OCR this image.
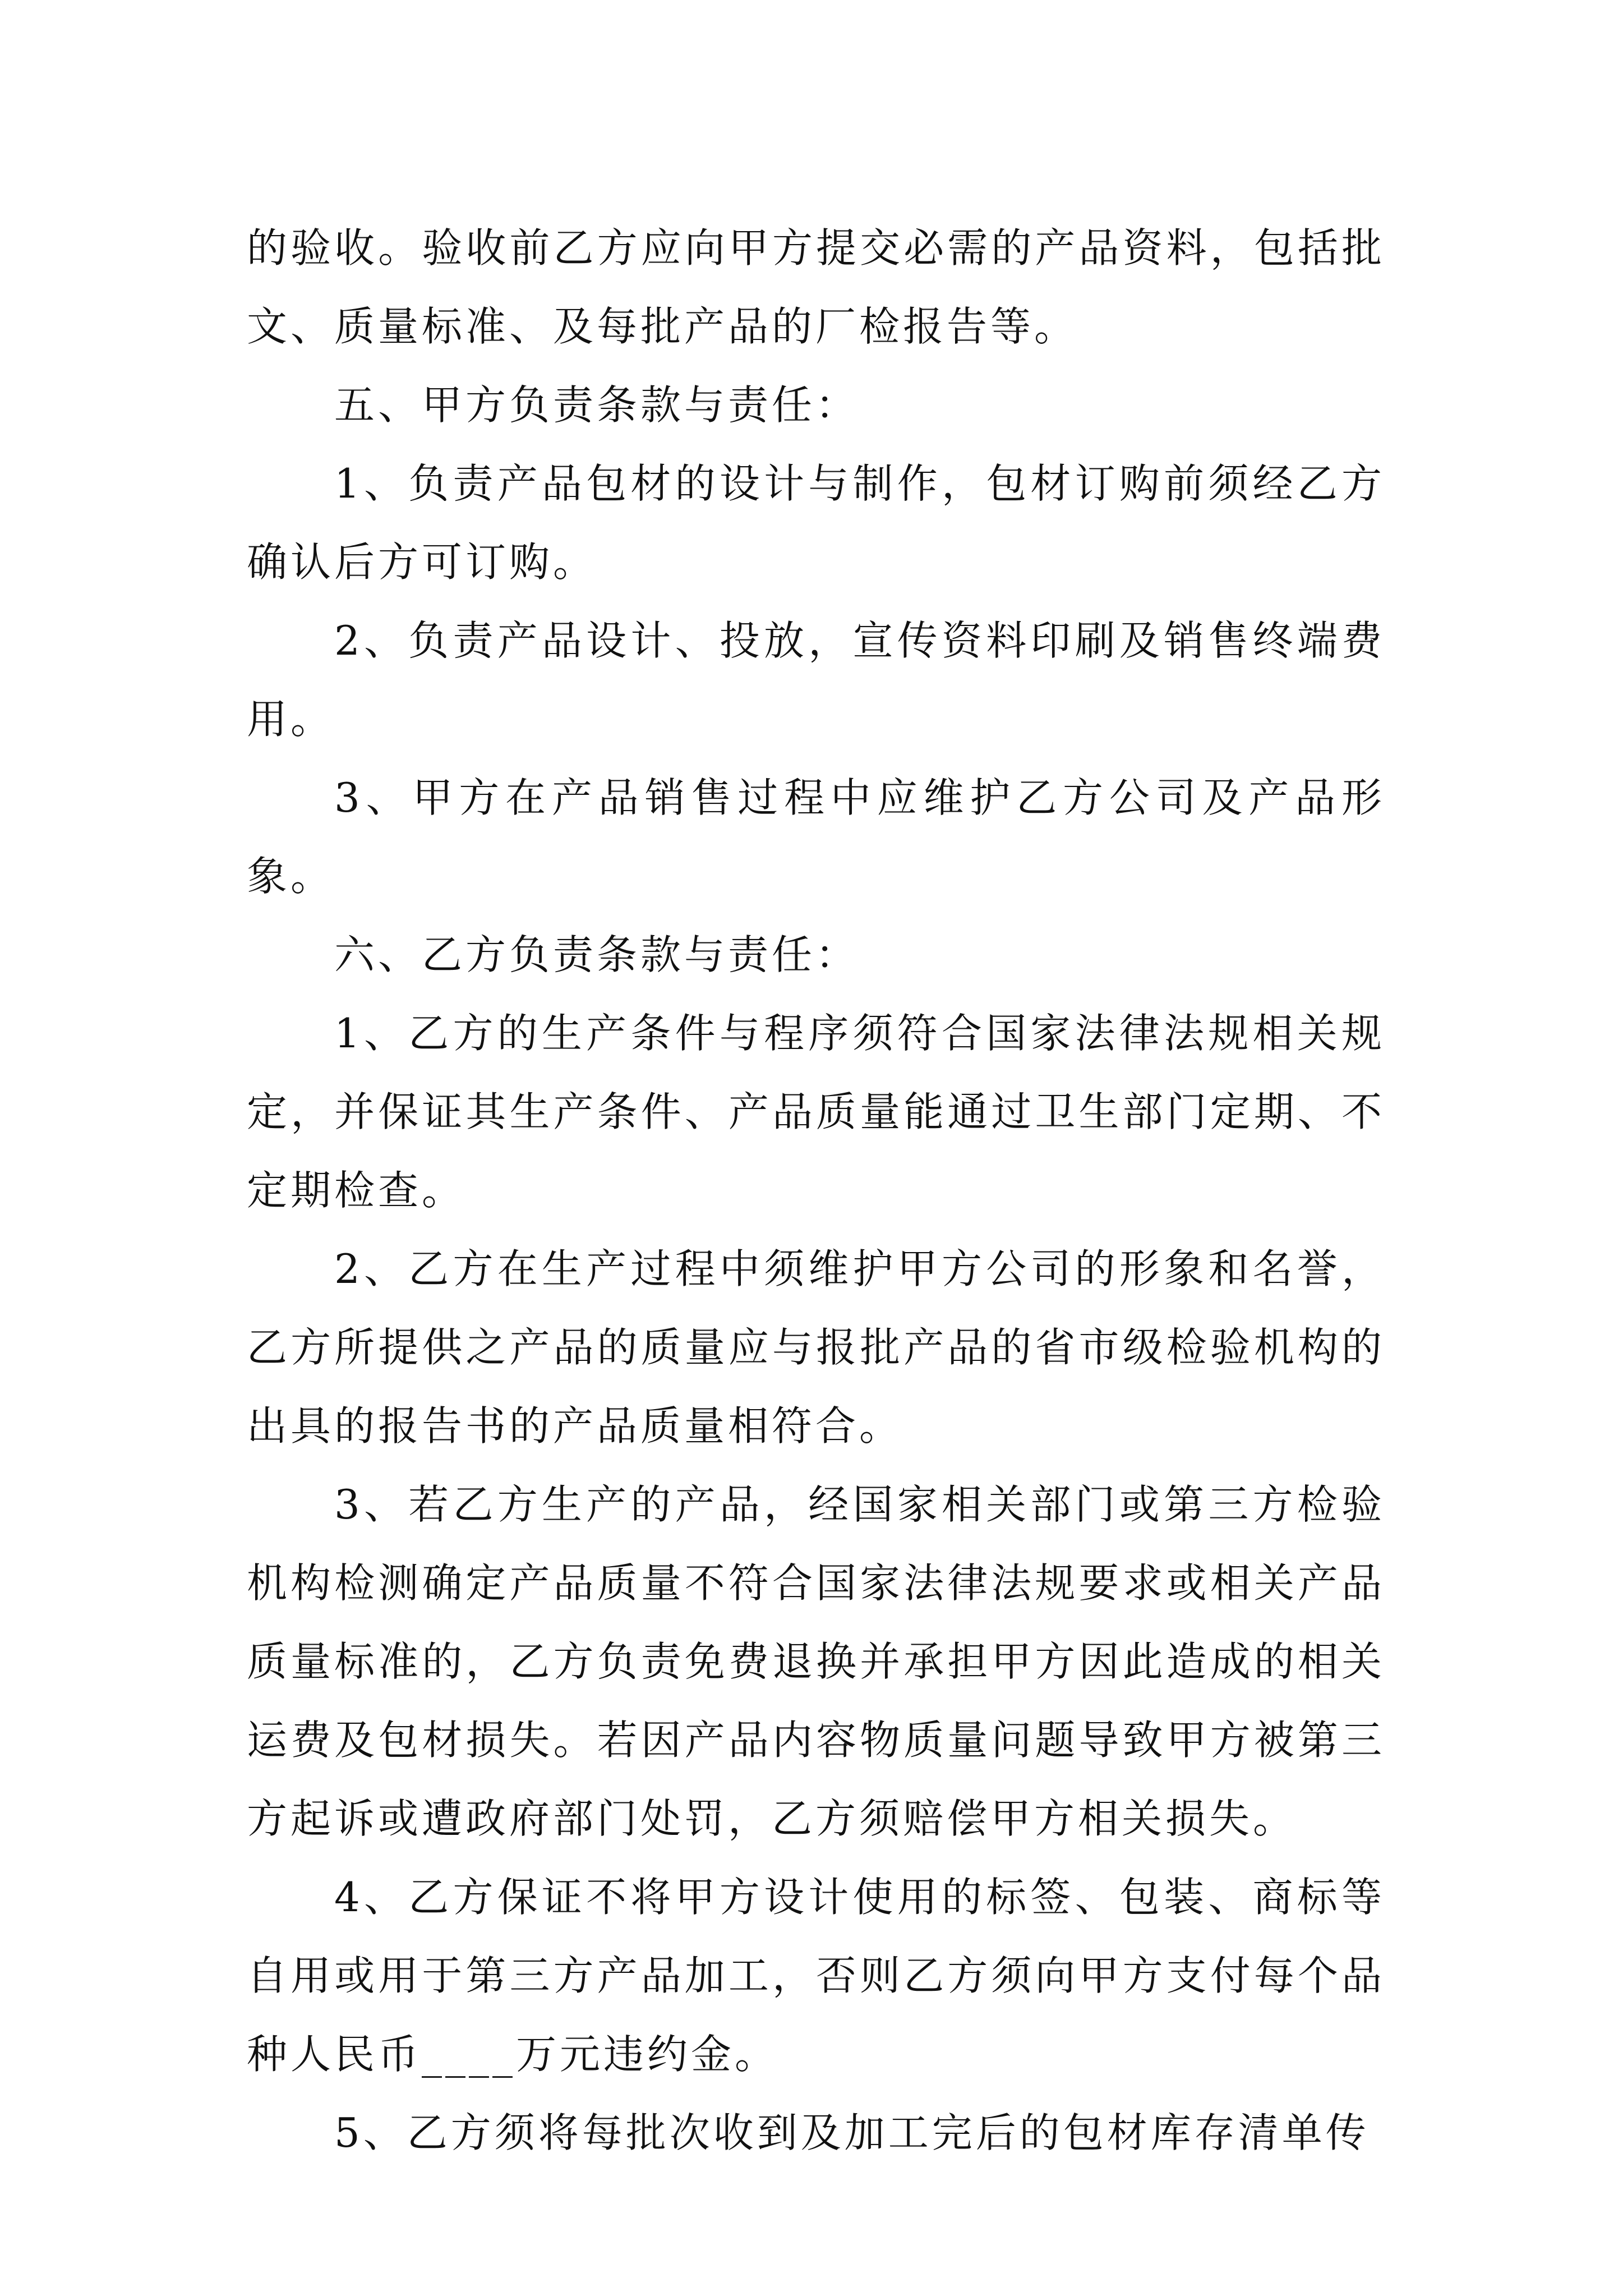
的验收。验收前乙方应向甲方提交必需的产品资料，包括批文、质量标准、及每批产品的厂检报告等。

五、甲方负责条款与责任：

1、负责产品包材的设计与制作，包材订购前须经乙方确认后方可订购。

2、负责产品设计、投放，宣传资料印刷及销售终端费用。

3、甲方在产品销售过程中应维护乙方公司及产品形象。

六、乙方负责条款与责任：

1、乙方的生产条件与程序须符合国家法律法规相关规定，并保证其生产条件、产品质量能通过卫生部门定期、不定期检查。

2、乙方在生产过程中须维护甲方公司的形象和名誉，乙方所提供之产品的质量应与报批产品的省市级检验机构的出具的报告书的产品质量相符合。

3、若乙方生产的产品，经国家相关部门或第三方检验机构检测确定产品质量不符合国家法律法规要求或相关产品质量标准的，乙方负责免费退换并承担甲方因此造成的相关运费及包材损失。若因产品内容物质量问题导致甲方被第三方起诉或遭政府部门处罚，乙方须赔偿甲方相关损失。

4、乙方保证不将甲方设计使用的标签、包装、商标等自用或用于第三方产品加工，否则乙方须向甲方支付每个品种人民币____万元违约金。

5、乙方须将每批次收到及加工完后的包材库存清单传
